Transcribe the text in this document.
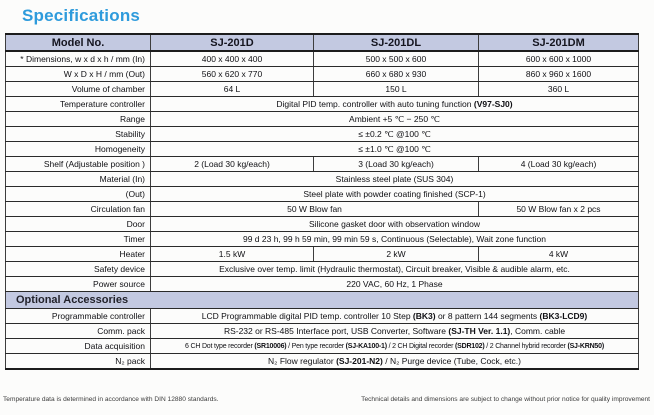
Specifications
Model No.	SJ-201D	SJ-201DL	SJ-201DM
* Dimensions, w x d x h / mm (In)	400 x 400 x 400	500 x 500 x 600	600 x 600 x 1000
W x D x H / mm (Out)	560 x 620 x 770	660 x 680 x 930	860 x 960 x 1600
Volume of chamber	64 L	150 L	360 L
Temperature controller	Digital PID temp. controller with auto tuning function (V97-SJ0)		
Range	Ambient +5 ℃ − 250 ℃		
Stability	≤ ±0.2 ℃ @100 ℃		
Homogeneity	≤ ±1.0 ℃ @100 ℃		
Shelf (Adjustable position )	2 (Load 30 kg/each)	3 (Load 30 kg/each)	4 (Load 30 kg/each)
Material (In)	Stainless steel plate (SUS 304)		
(Out)	Steel plate with powder coating finished (SCP-1)		
Circulation fan	50 W Blow fan		50 W Blow fan x 2 pcs
Door	Silicone gasket door with observation window		
Timer	99 d 23 h, 99 h 59 min, 99 min 59 s, Continuous (Selectable), Wait zone function		
Heater	1.5 kW	2 kW	4 kW
Safety device	Exclusive over temp. limit (Hydraulic thermostat), Circuit breaker, Visible & audible alarm, etc.		
Power source	220 VAC, 60 Hz, 1 Phase		
Optional Accessories			
Programmable controller	LCD Programmable digital PID temp. controller 10 Step (BK3) or 8 pattern 144 segments (BK3-LCD9)		
Comm. pack	RS-232 or RS-485 Interface port, USB Converter, Software (SJ-TH Ver. 1.1), Comm. cable		
Data acquisition	6 CH Dot type recorder (SR10006) / Pen type recorder (SJ-KA100-1) / 2 CH Digital recorder (SDR102) / 2 Channel hybrid recorder (SJ-KRN50)		
N₂ pack	N₂ Flow regulator (SJ-201-N2) / N₂ Purge device (Tube, Cock, etc.)		
Temperature data is determined in accordance with DIN 12880 standards.	Technical details and dimensions are subject to change without prior notice for quality improvement
